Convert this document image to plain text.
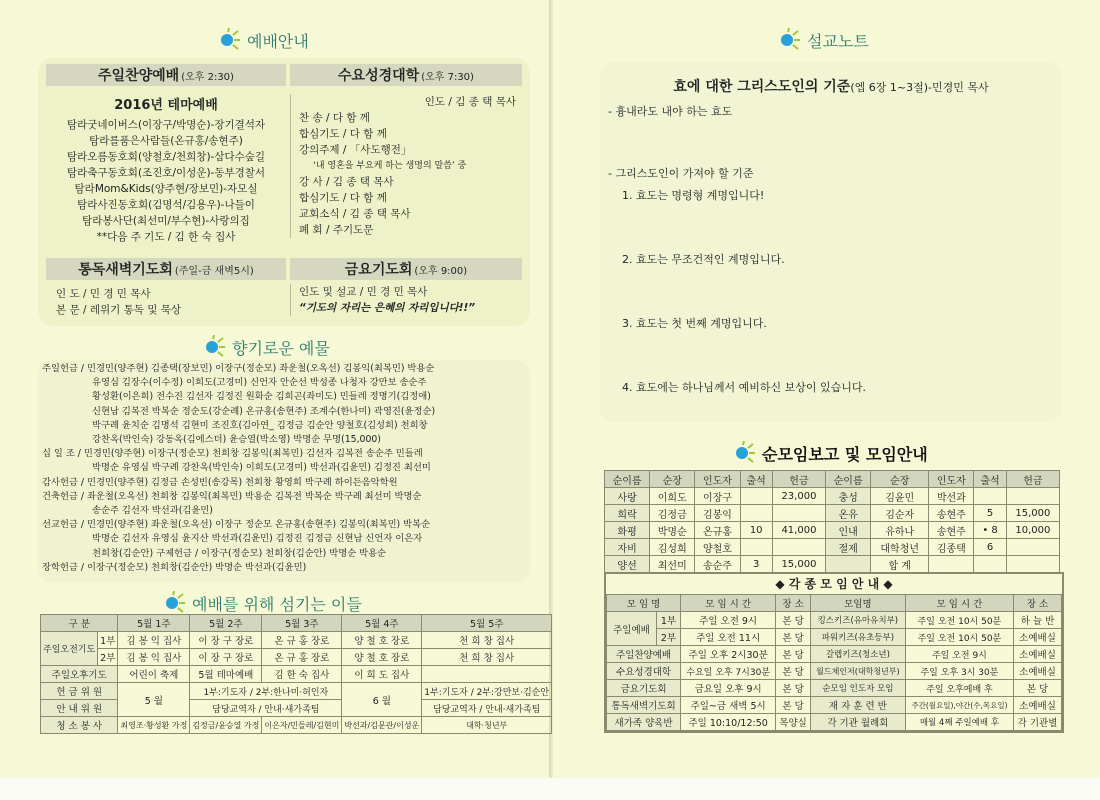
예배안내
주일찬양예배 (오후 2:30)
2016년 테마예배
탐라굿네이버스(이장구/박명순)-장기결석자
탐라를품은사람들(온규홍/송현주)
탐라오름동호회(양철호/천희창)-삼다수숲길
탐라축구동호회(조진호/이성운)-동부경찰서
탐라Mom&Kids(양주현/장보민)-자모실
탐라사진동호회(김명석/김용우)-나들이
탐라봉사단(최선미/부수현)-사랑의집
**다음 주 기도 / 김 한 숙 집사
수요성경대학 (오후 7:30)
인도 / 김 종 택 목사
찬 송 / 다 함 께
합심기도 / 다 함 께
강의주제 / 「사도행전」
‘내 영혼을 부요케 하는 생명의 말씀’ 중
강 사 / 김 종 택 목사
합심기도 / 다 함 께
교회소식 / 김 종 택 목사
폐 회 / 주기도문
통독새벽기도회 (주일-금 새벽5시)
인 도 / 민 경 민 목사
본 문 / 레위기 통독 및 묵상
금요기도회 (오후 9:00)
인도 및 설교 / 민 경 민 목사
“기도의 자리는 은혜의 자리입니다!!”
향기로운 예물
주일헌금 / 민경민(양주현) 김종택(장보민) 이장구(정순모) 좌운철(오옥선) 김봉익(최복민) 박용순
유영심 김장수(이수정) 이희도(고경미) 신언자 안순선 박성종 나청자 강만보 송순주
황성환(이은희) 전수진 김선자 김정진 원화순 김희곤(좌미도) 민들레 정명기(김정애)
신현남 김복전 박복순 정순도(강순례) 온규홍(송현주) 조계수(한나미) 곽영진(윤정순)
박구례 윤치순 김명석 김현미 조진호(김아연_ 김정금 김순안 양철호(김성희) 천희창
강찬옥(박인숙) 강동옥(김에스더) 윤승열(박소영) 박명순 무명(15,000)
십 일 조 / 민경민(양주현) 이장구(정순모) 천희창 김봉익(최복민) 김선자 김복전 송순주 민들레
박명순 유영심 박구례 강찬옥(박인숙) 이희도(고경미) 박선과(김윤민) 김정진 최선미
감사헌금 / 민경민(양주현) 김정금 손성빈(송강목) 천희창 황영희 박구례 하이든음악학원
건축헌금 / 좌운철(오옥선) 천희창 김봉익(최복민) 박용순 김복전 박복순 박구례 최선미 박명순
송순주 김선자 박선과(김윤민)
선교헌금 / 민경민(양주현) 좌운철(오옥선) 이장구 정순모 온규홍(송현주) 김봉익(최복민) 박복순
박명순 김선자 유영심 윤지산 박선과(김윤민) 김정진 김정금 신현남 신언자 이은자
천희창(김순안) 구제헌금 / 이장구(정순모) 천희창(김순안) 박명순 박용순
장학헌금 / 이장구(정순모) 천희창(김순안) 박명순 박선과(김윤민)
예배를 위해 섬기는 이들
구 분		5월 1주	5월 2주	5월 3주	5월 4주	5월 5주
주일오전기도	1부	김 봉 익 집사	이 장 구 장로	온 규 홍 장로	양 철 호 장로	천 희 창 집사
	2부	김 봉 익 집사	이 장 구 장로	온 규 홍 장로	양 철 호 장로	천 희 창 집사
주일오후기도		어린이 축제	5월 테마예배	김 한 숙 집사	이 희 도 집사	
헌 금 위 원		5 월	1부:기도자 / 2부:한나미·허인자		6 월	1부:기도자 / 2부:강만보·김순안
안 내 위 원			담당교역자 / 안내·새가족팀			담당교역자 / 안내·새가족팀
청 소 봉 사		최영조·황성환 가정	김정금/윤승열 가정	이은자/민들레/김현미	박선과/김문관/이성운	대학·청년부
설교노트
효에 대한 그리스도인의 기준(엡 6장 1~3절)-민경민 목사
- 흉내라도 내야 하는 효도
- 그리스도인이 가져야 할 기준
1. 효도는 명령형 계명입니다!
2. 효도는 무조건적인 계명입니다.
3. 효도는 첫 번째 계명입니다.
4. 효도에는 하나님께서 예비하신 보상이 있습니다.
순모임보고 및 모임안내
순이름	순장	인도자	출석	헌금	순이름	순장	인도자	출석	헌금
사랑	이희도	이장구		23,000	충성	김윤민	박선과		
희락	김정금	김봉익			온유	김순자	송현주	5	15,000
화평	박명순	온규홍	10	41,000	인내	유하나	송현주	• 8	10,000
자비	김성희	양철호			절제	대학청년	김종택	6	
양선	최선미	송순주	3	15,000		합 계			
◆ 각 종 모 임 안 내 ◆
모 임 명		모 임 시 간	장 소	모임명	모 임 시 간	장 소
주일예배	1부	주일 오전 9시	본 당	킹스키즈(유아유치부)	주일 오전 10시 50분	하 늘 반
	2부	주일 오전 11시	본 당	파워키즈(유초등부)	주일 오전 10시 50분	소예배실
주일찬양예배		주일 오후 2시30분	본 당	갈렙키즈(청소년)	주일 오전 9시	소예배실
수요성경대학		수요일 오후 7시30분	본 당	월드체인저(대학청년부)	주일 오후 3시 30분	소예배실
금요기도회		금요일 오후 9시	본 당	순모임 인도자 모임	주일 오후예배 후	본 당
통독새벽기도회		주일~금 새벽 5시	본 당	재 자 훈 련 반	주간(월요일),야간(수,목요일)	소예배실
새가족 양육반		주일 10:10/12:50	목양실	각 기관 월례회	매월 4째 주일예배 후	각 기관별
